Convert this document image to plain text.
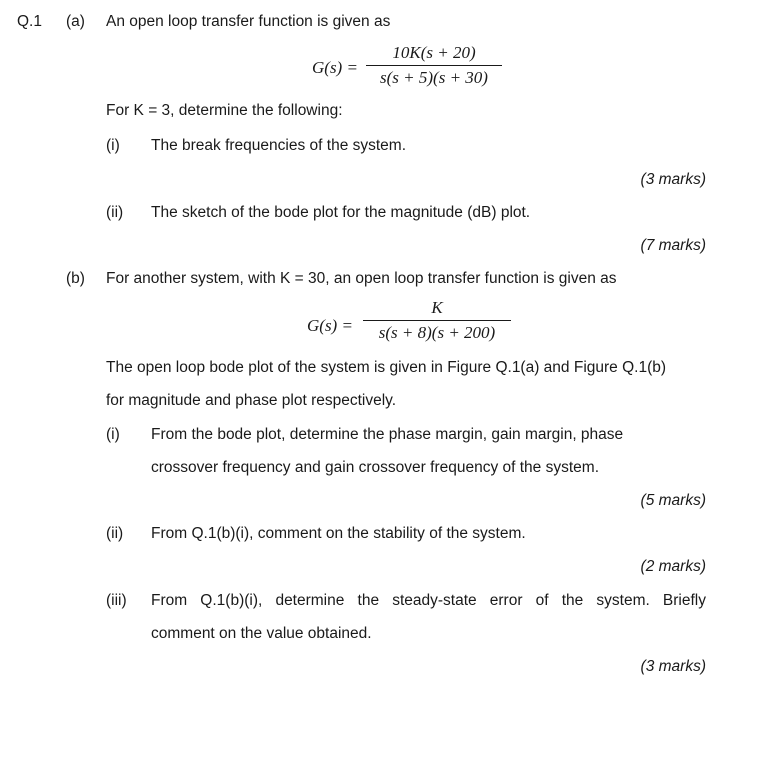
Q.1 (a) An open loop transfer function is given as
G(s) =
10K(s + 20)
s(s + 5)(s + 30)
For K = 3, determine the following:
(i) The break frequencies of the system.
(3 marks)
(ii) The sketch of the bode plot for the magnitude (dB) plot.
(7 marks)
(b) For another system, with K = 30, an open loop transfer function is given as
G(s) =
K
s(s + 8)(s + 200)
The open loop bode plot of the system is given in Figure Q.1(a) and Figure Q.1(b)
for magnitude and phase plot respectively.
(i) From the bode plot, determine the phase margin, gain margin, phase
crossover frequency and gain crossover frequency of the system.
(5 marks)
(ii) From Q.1(b)(i), comment on the stability of the system.
(2 marks)
(iii) From Q.1(b)(i), determine the steady-state error of the system. Briefly
comment on the value obtained.
(3 marks)
